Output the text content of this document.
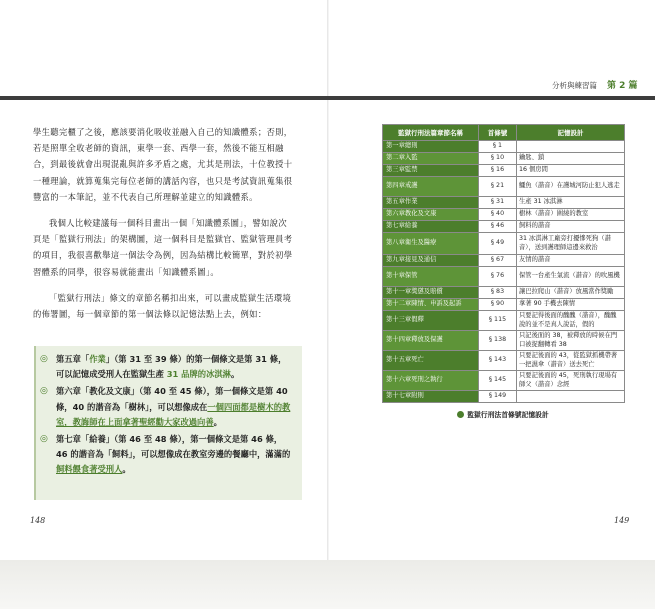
分析與練習篇 第 2 篇

學生聽完櫃了之後，應該要消化吸收並融入自己的知識體系；否則，若是照單全收老師的資訊，東學一套、西學一套，然後不能互相融合，到最後就會出現混亂與許多矛盾之處，尤其是刑法，十位教授十一種理論，就算蒐集完每位老師的講話內容，也只是考試資訊蒐集很豐富的一本筆記，並不代表自己所理解並建立的知識體系。

我個人比較建議每一個科目畫出一個「知識體系圖」，譬如說次頁是「監獄行刑法」的架構圖，這一個科目是監獄官、監獄管理員考的項目，我很喜歡舉這一個法令為例，因為結構比較簡單，對於初學習體系的同學，很容易就能畫出「知識體系圖」。

「監獄行刑法」條文的章節名稱扣出來，可以畫成監獄生活環境的佈署圖，每一個章節的第一個法條以記憶法點上去，例如：

◎ 第五章「作業」（第 31 至 39 條）的第一個條文是第 31 條，可以記憶成受刑人在監獄生產 31 品牌的冰淇淋。
◎ 第六章「教化及文康」（第 40 至 45 條），第一個條文是第 40 條，40 的諧音為「樹林」，可以想像成在一個四面都是樹木的教室，教誨師在上面拿著聖經勸大家改過向善。
◎ 第七章「給養」（第 46 至 48 條），第一個條文是第 46 條，46 的諧音為「飼料」，可以想像成在教室旁邊的餐廳中，滿滿的飼料餵食著受刑人。
148
監獄行刑法篇章節名稱	首條號	記憶設計
第一章總則	§ 1	
第二章入監	§ 10	鑰匙、鎖
第三章監禁	§ 16	16 個房間
第四章戒護	§ 21	鱷魚（諧音）在護城河防止犯人逃走
第五章作業	§ 31	生產 31 冰淇淋
第六章教化及文康	§ 40	樹林（諧音）圍繞的教室
第七章給養	§ 46	飼料的諧音
第八章衛生及醫療	§ 49	31 冰淇淋工廠旁打擾慘死狗（諧音），送到護理師這邊來救治
第九章接見及通信	§ 67	友情的諧音
第十章保管	§ 76	保管一台產生氣流（諧音）的吹風機
第十一章獎懲及賠償	§ 83	讓巴拉爬山（諧音）放風當作獎勵
第十二章陳情、申訴及起訴	§ 90	拿著 90 手機去陳情
第十三章假釋	§ 115	只要記得後面的醜醜（諧音），醜醜說的並不是真人說話，假的
第十四章釋放及保護	§ 138	只記後面的 38，被釋放的時候在門口被捉翻轉看 38
第十五章死亡	§ 143	只要記後面的 43，從監獄抓機帶著一把濕傘（諧音）送去死亡
第十六章死刑之執行	§ 145	只要記後面的 45，死刑執行現場有師父（諧音）念經
第十七章附則	§ 149	
監獄行刑法首條號記憶設計
149
